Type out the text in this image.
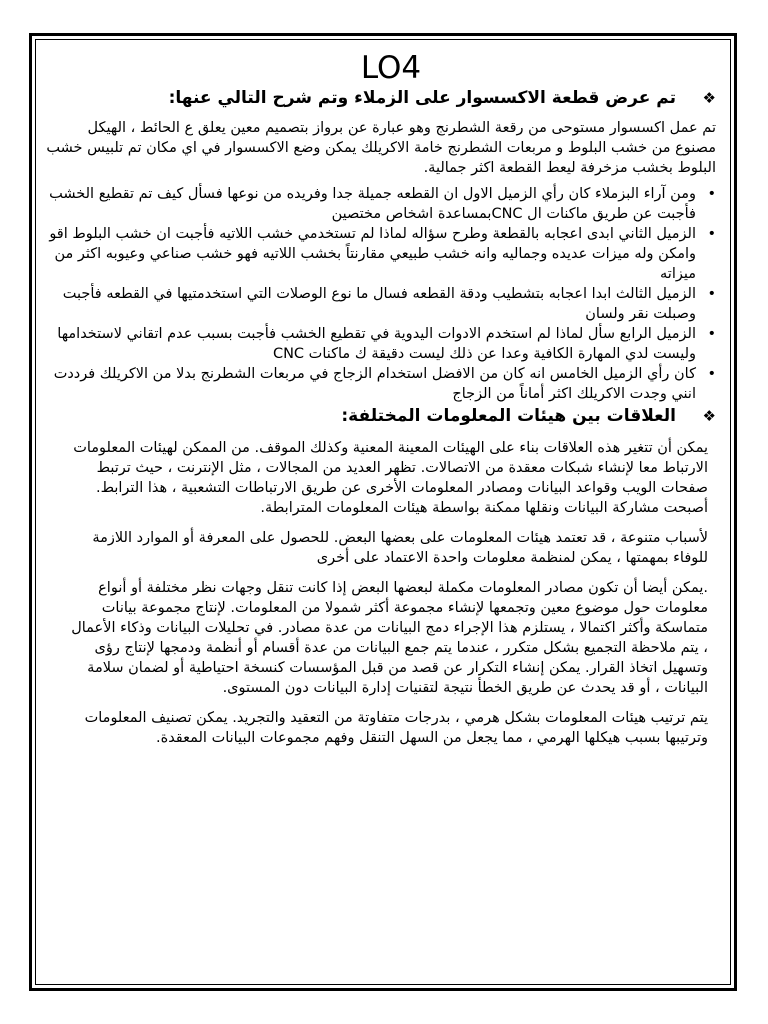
LO4
❖
تم عرض قطعة الاكسسوار على الزملاء وتم شرح التالي عنها:

تم عمل اكسسوار مستوحى من رقعة الشطرنج وهو عبارة عن برواز بتصميم معين يعلق ع الحائط ، الهيكل مصنوع من خشب البلوط و مربعات الشطرنج خامة الاكريلك يمكن وضع الاكسسوار في اي مكان تم تلبيس خشب البلوط بخشب مزخرفة ليعط القطعة اكثر جمالية.

• ومن آراء البزملاء كان رأي الزميل الاول ان القطعه جميلة جدا وفريده من نوعها فسأل كيف تم تقطيع الخشب فأجبت عن طريق ماكنات ال CNCبمساعدة اشخاص مختصين
• الزميل الثاني ابدى اعجابه بالقطعة وطرح سؤاله لماذا لم تستخدمي خشب اللاتيه فأجبت ان خشب البلوط اقو وامكن وله ميزات عديده وجماليه وانه خشب طبيعي مقارنتاً بخشب اللاتيه فهو خشب صناعي وعيوبه اكثر من ميزاته
• الزميل الثالث ابدا اعجابه بتشطيب ودقة القطعه فسال ما نوع الوصلات التي استخدمتيها في القطعه فأجبت وصبلت نقر ولسان
• الزميل الرابع سأل لماذا لم استخدم الادوات اليدوية في تقطيع الخشب فأجبت بسبب عدم اتقاني لاستخدامها وليست لدي المهارة الكافية وعدا عن ذلك ليست دقيقة ك ماكنات CNC
• كان رأي الزميل الخامس انه كان من الافضل استخدام الزجاج في مربعات الشطرنج بدلا من الاكريلك فرددت انني وجدت الاكريلك اكثر أماناً من الزجاج
❖
العلاقات بين هيئات المعلومات المختلفة:

يمكن أن تتغير هذه العلاقات بناء على الهيئات المعينة المعنية وكذلك الموقف. من الممكن لهيئات المعلومات الارتباط معا لإنشاء شبكات معقدة من الاتصالات. تظهر العديد من المجالات ، مثل الإنترنت ، حيث ترتبط صفحات الويب وقواعد البيانات ومصادر المعلومات الأخرى عن طريق الارتباطات التشعبية ، هذا الترابط. أصبحت مشاركة البيانات ونقلها ممكنة بواسطة هيئات المعلومات المترابطة.

لأسباب متنوعة ، قد تعتمد هيئات المعلومات على بعضها البعض. للحصول على المعرفة أو الموارد اللازمة للوفاء بمهمتها ، يمكن لمنظمة معلومات واحدة الاعتماد على أخرى

.يمكن أيضا أن تكون مصادر المعلومات مكملة لبعضها البعض إذا كانت تنقل وجهات نظر مختلفة أو أنواع معلومات حول موضوع معين وتجمعها لإنشاء مجموعة أكثر شمولا من المعلومات. لإنتاج مجموعة بيانات متماسكة وأكثر اكتمالا ، يستلزم هذا الإجراء دمج البيانات من عدة مصادر. في تحليلات البيانات وذكاء الأعمال ، يتم ملاحظة التجميع بشكل متكرر ، عندما يتم جمع البيانات من عدة أقسام أو أنظمة ودمجها لإنتاج رؤى وتسهيل اتخاذ القرار. يمكن إنشاء التكرار عن قصد من قبل المؤسسات كنسخة احتياطية أو لضمان سلامة البيانات ، أو قد يحدث عن طريق الخطأ نتيجة لتقنيات إدارة البيانات دون المستوى.

يتم ترتيب هيئات المعلومات بشكل هرمي ، بدرجات متفاوتة من التعقيد والتجريد. يمكن تصنيف المعلومات وترتيبها بسبب هيكلها الهرمي ، مما يجعل من السهل التنقل وفهم مجموعات البيانات المعقدة.
